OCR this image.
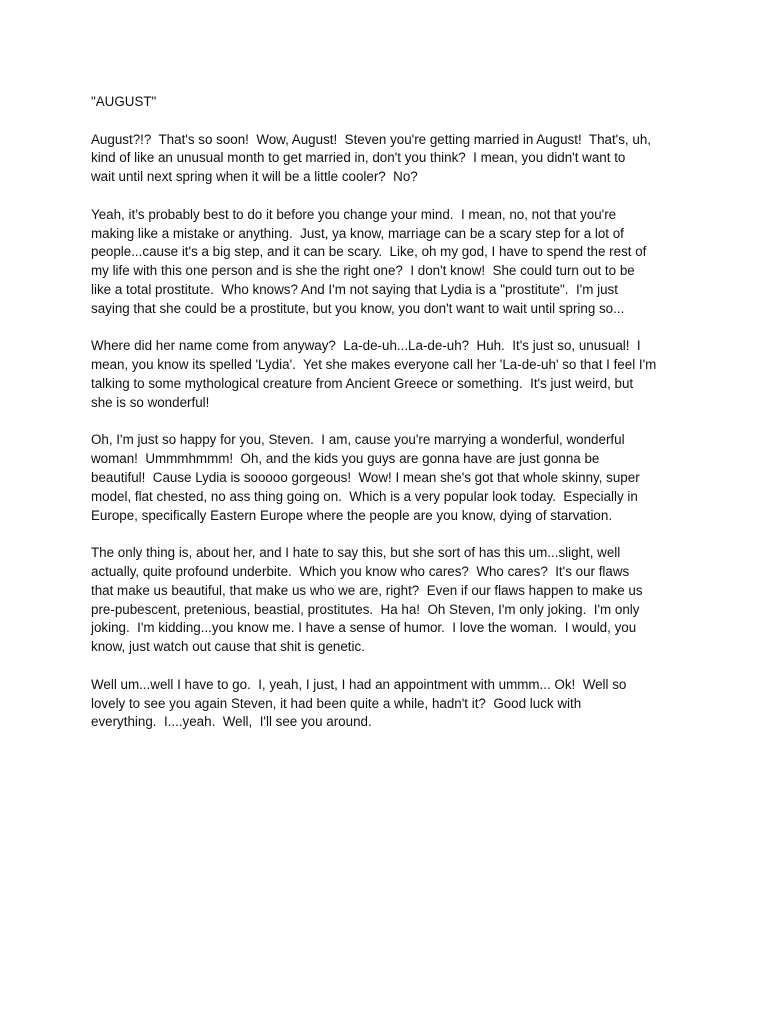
"AUGUST"
August?!?  That's so soon!  Wow, August!  Steven you're getting married in August!  That's, uh,
kind of like an unusual month to get married in, don't you think?  I mean, you didn't want to
wait until next spring when it will be a little cooler?  No?
Yeah, it’s probably best to do it before you change your mind.  I mean, no, not that you're
making like a mistake or anything.  Just, ya know, marriage can be a scary step for a lot of
people...cause it's a big step, and it can be scary.  Like, oh my god, I have to spend the rest of
my life with this one person and is she the right one?  I don't know!  She could turn out to be
like a total prostitute.  Who knows? And I'm not saying that Lydia is a "prostitute".  I'm just
saying that she could be a prostitute, but you know, you don't want to wait until spring so...
Where did her name come from anyway?  La-de-uh...La-de-uh?  Huh.  It's just so, unusual!  I
mean, you know its spelled 'Lydia'.  Yet she makes everyone call her 'La-de-uh' so that I feel I'm
talking to some mythological creature from Ancient Greece or something.  It's just weird, but
she is so wonderful!
Oh, I'm just so happy for you, Steven.  I am, cause you're marrying a wonderful, wonderful
woman!  Ummmhmmm!  Oh, and the kids you guys are gonna have are just gonna be
beautiful!  Cause Lydia is sooooo gorgeous!  Wow! I mean she's got that whole skinny, super
model, flat chested, no ass thing going on.  Which is a very popular look today.  Especially in
Europe, specifically Eastern Europe where the people are you know, dying of starvation.
The only thing is, about her, and I hate to say this, but she sort of has this um...slight, well
actually, quite profound underbite.  Which you know who cares?  Who cares?  It's our flaws
that make us beautiful, that make us who we are, right?  Even if our flaws happen to make us
pre-pubescent, pretenious, beastial, prostitutes.  Ha ha!  Oh Steven, I'm only joking.  I'm only
joking.  I'm kidding...you know me. I have a sense of humor.  I love the woman.  I would, you
know, just watch out cause that shit is genetic.
Well um...well I have to go.  I, yeah, I just, I had an appointment with ummm... Ok!  Well so
lovely to see you again Steven, it had been quite a while, hadn't it?  Good luck with
everything.  I....yeah.  Well,  I'll see you around.
